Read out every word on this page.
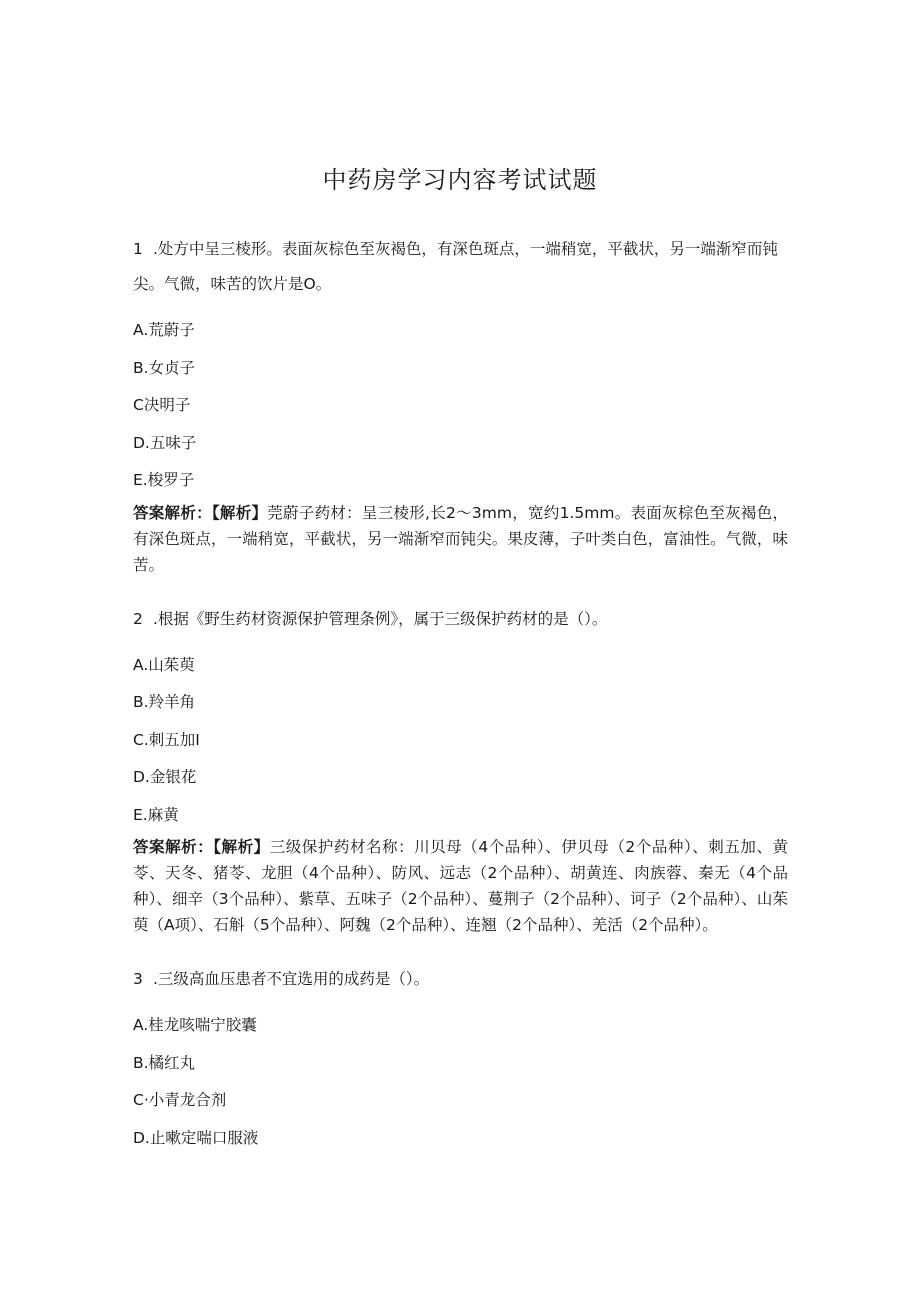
中药房学习内容考试试题

1 .处方中呈三棱形。表面灰棕色至灰褐色，有深色斑点，一端稍宽，平截状，另一端渐窄而钝尖。气微，味苦的饮片是O。

A.荒蔚子
B.女贞子
C决明子
D.五味子
E.梭罗子

答案解析：【解析】莞蔚子药材：呈三棱形,长2～3mm，宽约1.5mm。表面灰棕色至灰褐色，有深色斑点，一端稍宽，平截状，另一端渐窄而钝尖。果皮薄，子叶类白色，富油性。气微，味苦。

2 .根据《野生药材资源保护管理条例》，属于三级保护药材的是（）。

A.山茱萸
B.羚羊角
C.刺五加I
D.金银花
E.麻黄

答案解析：【解析】三级保护药材名称：川贝母（4个品种）、伊贝母（2个品种）、刺五加、黄苓、天冬、猪苓、龙胆（4个品种）、防风、远志（2个品种）、胡黄连、肉族蓉、秦无（4个品种）、细辛（3个品种）、紫草、五味子（2个品种）、蔓荆子（2个品种）、诃子（2个品种）、山茱萸（A项）、石斛（5个品种）、阿魏（2个品种）、连翘（2个品种）、羌活（2个品种）。

3 .三级高血压患者不宜选用的成药是（）。

A.桂龙咳喘宁胶囊
B.橘红丸
C·小青龙合剂
D.止嗽定喘口服液
